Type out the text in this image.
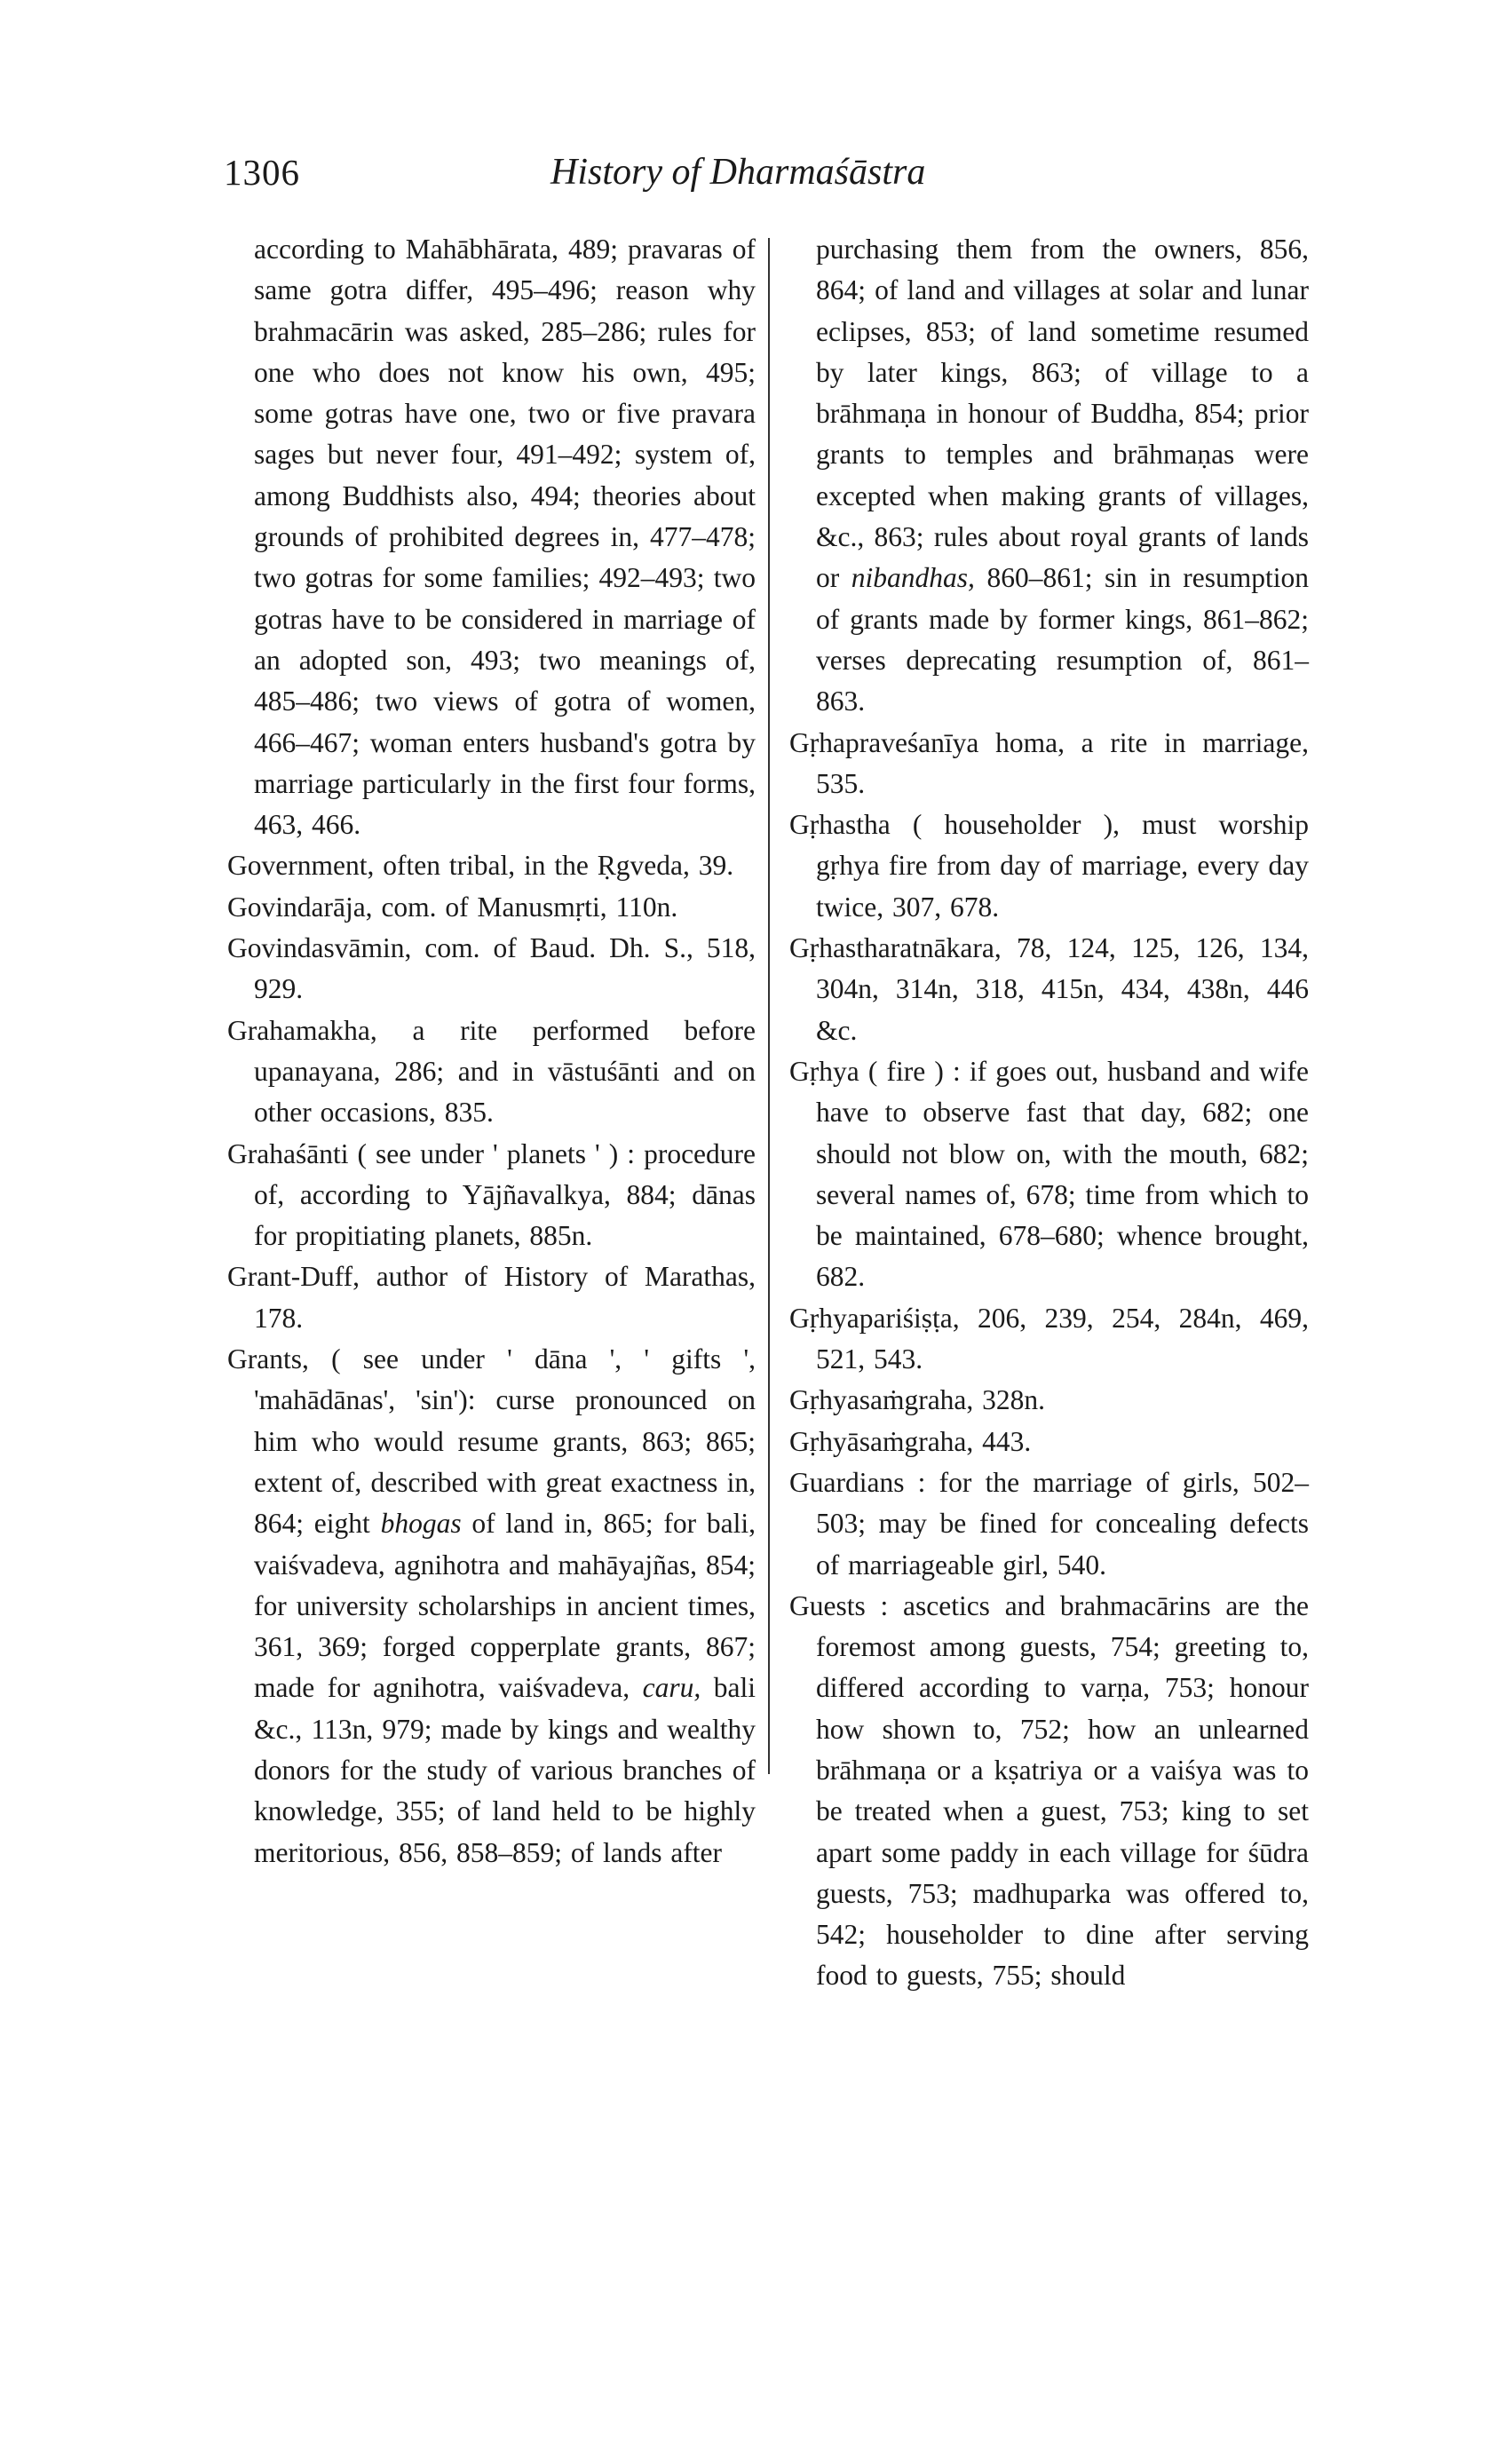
1306	History of Dharmaśāstra
according to Mahābhārata, 489; pravaras of same gotra differ, 495–496; reason why brahmacārin was asked, 285–286; rules for one who does not know his own, 495; some gotras have one, two or five pravara sages but never four, 491–492; system of, among Buddhists also, 494; theories about grounds of prohibited degrees in, 477–478; two gotras for some families; 492–493; two gotras have to be considered in marriage of an adopted son, 493; two meanings of, 485–486; two views of gotra of women, 466–467; woman enters husband's gotra by marriage particularly in the first four forms, 463, 466.
Government, often tribal, in the Ṛgveda, 39.
Govindarāja, com. of Manusmṛti, 110n.
Govindasvāmin, com. of Baud. Dh. S., 518, 929.
Grahamakha, a rite performed before upanayana, 286; and in vāstuśānti and on other occasions, 835.
Grahaśānti ( see under ' planets ' ) : procedure of, according to Yājñavalkya, 884; dānas for propitiating planets, 885n.
Grant-Duff, author of History of Marathas, 178.
Grants, ( see under ' dāna ', ' gifts ', 'mahādānas', 'sin'): curse pronounced on him who would resume grants, 863; 865; extent of, described with great exactness in, 864; eight bhogas of land in, 865; for bali, vaiśvadeva, agnihotra and mahāyajñas, 854; for university scholarships in ancient times, 361, 369; forged copperplate grants, 867; made for agnihotra, vaiśvadeva, caru, bali &c., 113n, 979; made by kings and wealthy donors for the study of various branches of knowledge, 355; of land held to be highly meritorious, 856, 858–859; of lands after
purchasing them from the owners, 856, 864; of land and villages at solar and lunar eclipses, 853; of land sometime resumed by later kings, 863; of village to a brāhmaṇa in honour of Buddha, 854; prior grants to temples and brāhmaṇas were excepted when making grants of villages, &c., 863; rules about royal grants of lands or nibandhas, 860–861; sin in resumption of grants made by former kings, 861–862; verses deprecating resumption of, 861–863.
Gṛhapraveśanīya homa, a rite in marriage, 535.
Gṛhastha ( householder ), must worship gṛhya fire from day of marriage, every day twice, 307, 678.
Gṛhastharatnākara, 78, 124, 125, 126, 134, 304n, 314n, 318, 415n, 434, 438n, 446 &c.
Gṛhya ( fire ) : if goes out, husband and wife have to observe fast that day, 682; one should not blow on, with the mouth, 682; several names of, 678; time from which to be maintained, 678–680; whence brought, 682.
Gṛhyapariśiṣṭa, 206, 239, 254, 284n, 469, 521, 543.
Gṛhyasaṁgraha, 328n.
Gṛhyāsaṁgraha, 443.
Guardians : for the marriage of girls, 502–503; may be fined for concealing defects of marriageable girl, 540.
Guests : ascetics and brahmacārins are the foremost among guests, 754; greeting to, differed according to varṇa, 753; honour how shown to, 752; how an unlearned brāhmaṇa or a kṣatriya or a vaiśya was to be treated when a guest, 753; king to set apart some paddy in each village for śūdra guests, 753; madhuparka was offered to, 542; householder to dine after serving food to guests, 755; should
